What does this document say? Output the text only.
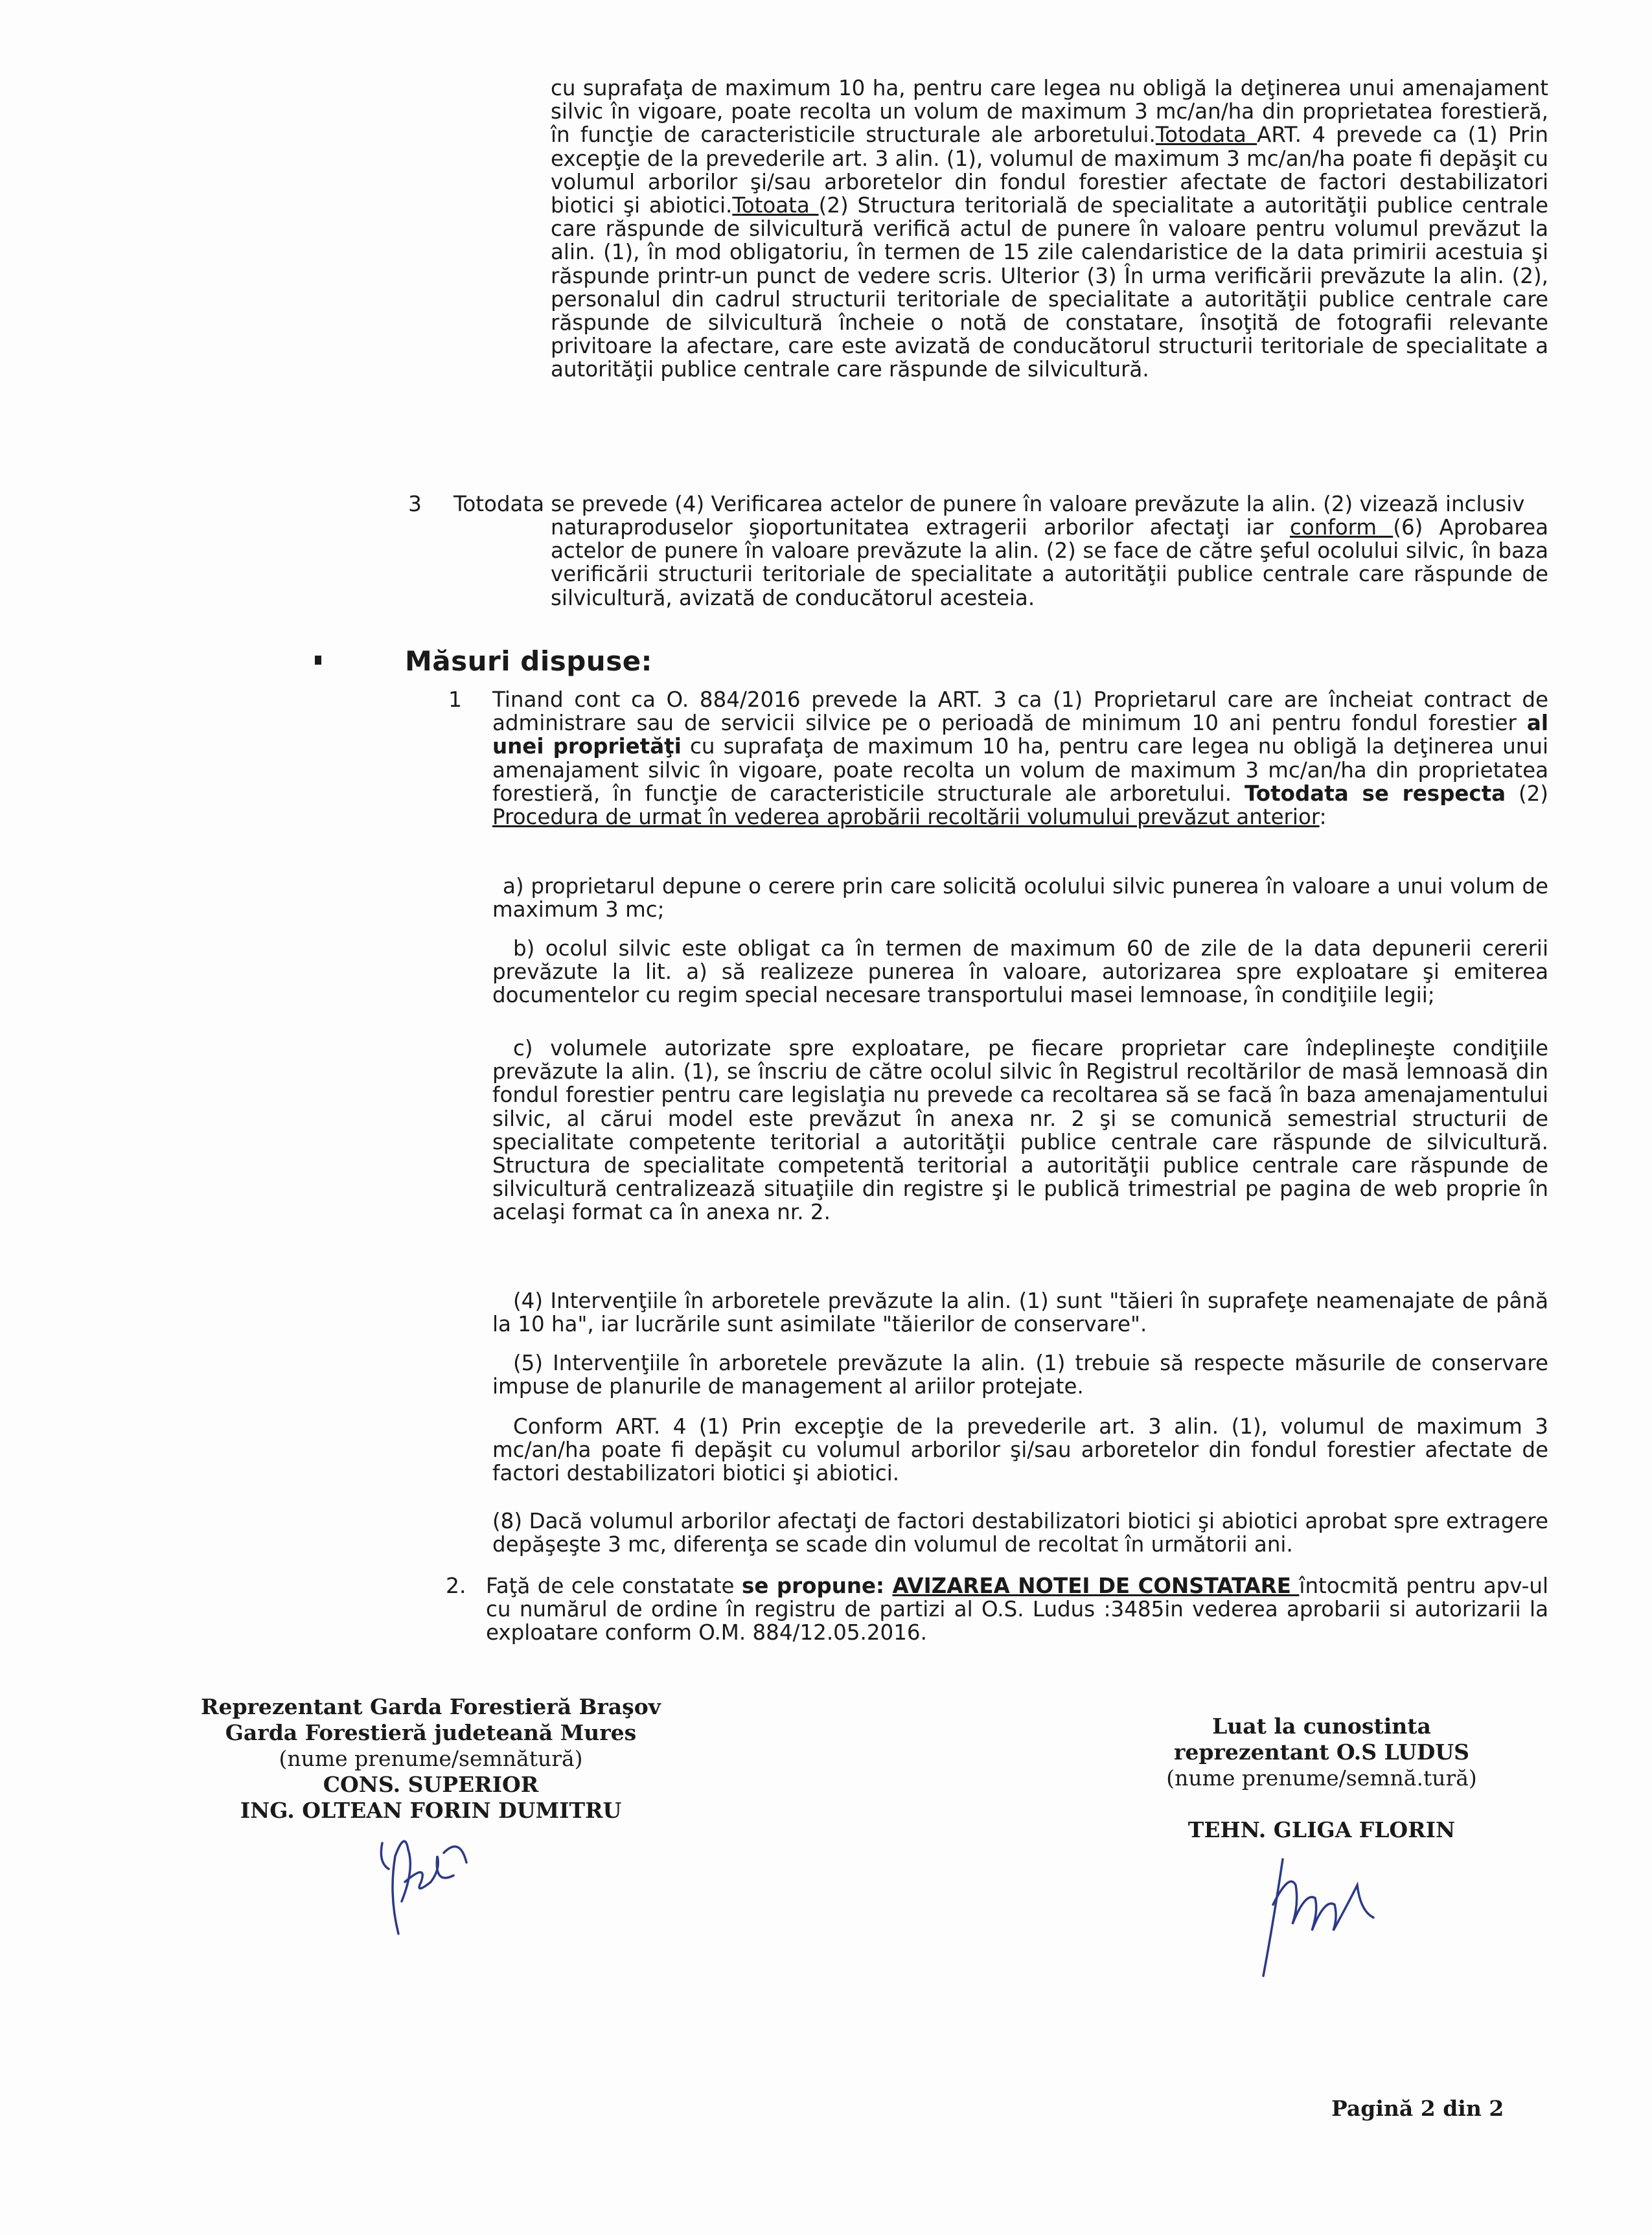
cu suprafaţa de maximum 10 ha, pentru care legea nu obligă la deţinerea unui amenajament silvic în vigoare, poate recolta un volum de maximum 3 mc/an/ha din proprietatea forestieră, în funcţie de caracteristicile structurale ale arboretului.Totodata ART. 4 prevede ca (1) Prin excepţie de la prevederile art. 3 alin. (1), volumul de maximum 3 mc/an/ha poate fi depăşit cu volumul arborilor şi/sau arboretelor din fondul forestier afectate de factori destabilizatori biotici şi abiotici.Totoata (2) Structura teritorială de specialitate a autorităţii publice centrale care răspunde de silvicultură verifică actul de punere în valoare pentru volumul prevăzut la alin. (1), în mod obligatoriu, în termen de 15 zile calendaristice de la data primirii acestuia şi răspunde printr-un punct de vedere scris. Ulterior (3) În urma verificării prevăzute la alin. (2), personalul din cadrul structurii teritoriale de specialitate a autorităţii publice centrale care răspunde de silvicultură încheie o notă de constatare, însoţită de fotografii relevante privitoare la afectare, care este avizată de conducătorul structurii teritoriale de specialitate a autorităţii publice centrale care răspunde de silvicultură.
3 Totodata se prevede (4) Verificarea actelor de punere în valoare prevăzute la alin. (2) vizează inclusiv
naturaproduselor şioportunitatea extragerii arborilor afectaţi iar conform (6) Aprobarea actelor de punere în valoare prevăzute la alin. (2) se face de către şeful ocolului silvic, în baza verificării structurii teritoriale de specialitate a autorităţii publice centrale care răspunde de silvicultură, avizată de conducătorul acesteia.
Măsuri dispuse:
1 Tinand cont ca O. 884/2016 prevede la ART. 3 ca (1) Proprietarul care are încheiat contract de administrare sau de servicii silvice pe o perioadă de minimum 10 ani pentru fondul forestier al unei proprietăţi cu suprafaţa de maximum 10 ha, pentru care legea nu obligă la deţinerea unui amenajament silvic în vigoare, poate recolta un volum de maximum 3 mc/an/ha din proprietatea forestieră, în funcţie de caracteristicile structurale ale arboretului. Totodata se respecta (2) Procedura de urmat în vederea aprobării recoltării volumului prevăzut anterior:
a) proprietarul depune o cerere prin care solicită ocolului silvic punerea în valoare a unui volum de maximum 3 mc;
b) ocolul silvic este obligat ca în termen de maximum 60 de zile de la data depunerii cererii prevăzute la lit. a) să realizeze punerea în valoare, autorizarea spre exploatare şi emiterea documentelor cu regim special necesare transportului masei lemnoase, în condiţiile legii;
c) volumele autorizate spre exploatare, pe fiecare proprietar care îndeplineşte condiţiile prevăzute la alin. (1), se înscriu de către ocolul silvic în Registrul recoltărilor de masă lemnoasă din fondul forestier pentru care legislaţia nu prevede ca recoltarea să se facă în baza amenajamentului silvic, al cărui model este prevăzut în anexa nr. 2 şi se comunică semestrial structurii de specialitate competente teritorial a autorităţii publice centrale care răspunde de silvicultură. Structura de specialitate competentă teritorial a autorităţii publice centrale care răspunde de silvicultură centralizează situaţiile din registre şi le publică trimestrial pe pagina de web proprie în acelaşi format ca în anexa nr. 2.
(4) Intervenţiile în arboretele prevăzute la alin. (1) sunt "tăieri în suprafeţe neamenajate de până la 10 ha", iar lucrările sunt asimilate "tăierilor de conservare".
(5) Intervenţiile în arboretele prevăzute la alin. (1) trebuie să respecte măsurile de conservare impuse de planurile de management al ariilor protejate.
Conform ART. 4 (1) Prin excepţie de la prevederile art. 3 alin. (1), volumul de maximum 3 mc/an/ha poate fi depăşit cu volumul arborilor şi/sau arboretelor din fondul forestier afectate de factori destabilizatori biotici şi abiotici.
(8) Dacă volumul arborilor afectaţi de factori destabilizatori biotici şi abiotici aprobat spre extragere depăşeşte 3 mc, diferenţa se scade din volumul de recoltat în următorii ani.
2. Faţă de cele constatate se propune: AVIZAREA NOTEI DE CONSTATARE întocmită pentru apv-ul cu numărul de ordine în registru de partizi al O.S. Ludus :3485in vederea aprobarii si autorizarii la exploatare conform O.M. 884/12.05.2016.
Reprezentant Garda Forestieră Braşov
Garda Forestieră judeteană Mures
(nume prenume/semnătură)
CONS. SUPERIOR
ING. OLTEAN FORIN DUMITRU
Luat la cunostinta
reprezentant O.S LUDUS
(nume prenume/semnă.tură)
TEHN. GLIGA FLORIN
Pagină 2 din 2
